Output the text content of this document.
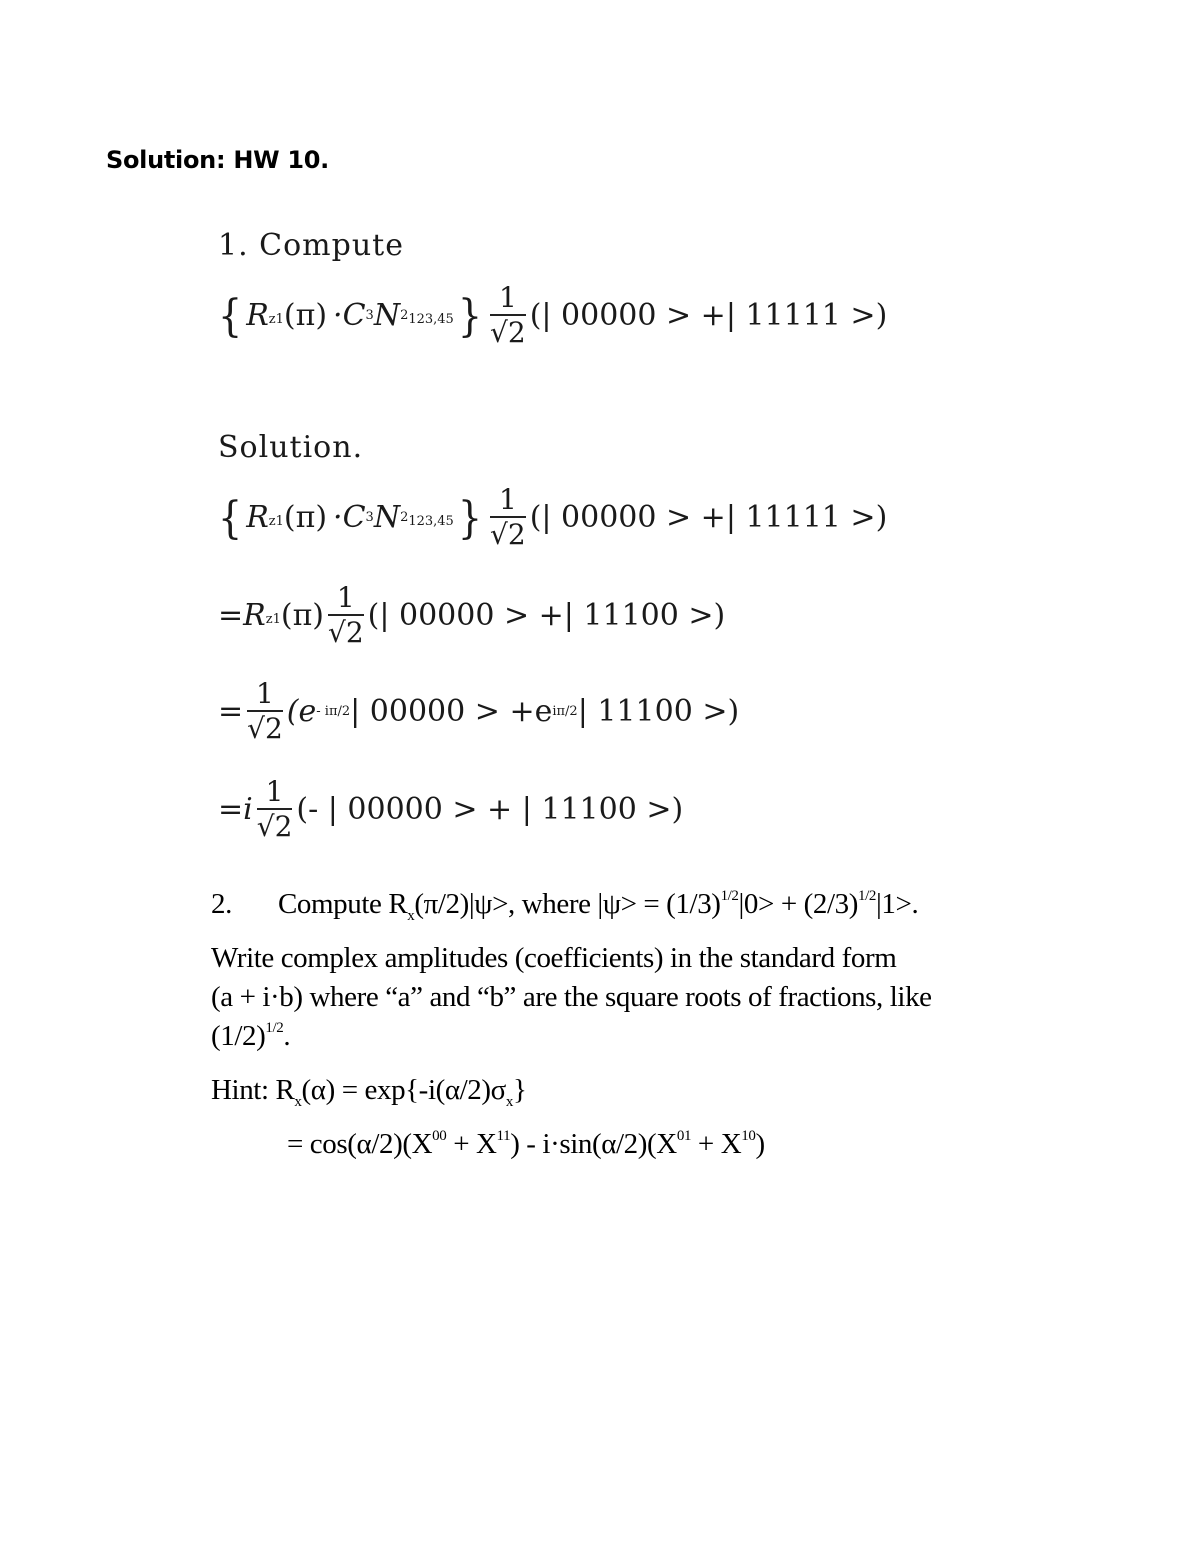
Solution: HW 10.
1. Compute
{ $R_{z1}$ (π) ·C 3 N $2_{123,45}$ } $\frac{1}{√2}$ (| 00000 > +| 11111 >)
Solution.
{ $R_{z1}$ (π) ·C 3 N $2_{123,45}$ } $\frac{1}{√2}$ (| 00000 > +| 11111 >)
$=R_{z1}$ $(\pi) \frac{1}{√2}$ (| 00000 > +| 11100 >)
= $\frac{1}{√2} (e - i\pi/2$ | 00000 > +e iπ/2 | 11100 >)
$=i \frac{1}{√2}$ (- | 00000 > + | 11100 >)
2. Compute $R_x(\pi/2)|\psi>$, where $|\psi> = (1/3)^{1/2}|0> + (2/3)^{1/2}|1>$.
Write complex amplitudes (coefficients) in the standard form
(a + i·b) where “a” and “b” are the square roots of fractions, like
$(1/2)^{1/2}$.
Hint: $R_x(\alpha) = \exp\{-i(\alpha/2)\sigma_x\}$
= $\cos(\alpha/2)(X^{00} + X^{11}) - i\cdot\sin(\alpha/2)(X^{01} + X^{10})$
